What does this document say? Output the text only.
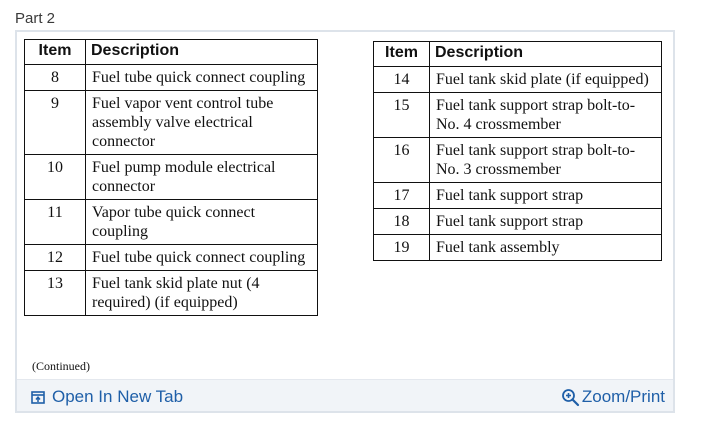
Part 2
Item	Description
8	Fuel tube quick connect coupling
9	Fuel vapor vent control tube assembly valve electrical connector
10	Fuel pump module electrical connector
11	Vapor tube quick connect coupling
12	Fuel tube quick connect coupling
13	Fuel tank skid plate nut (4 required) (if equipped)
(Continued)
Item	Description
14	Fuel tank skid plate (if equipped)
15	Fuel tank support strap bolt-to-No. 4 crossmember
16	Fuel tank support strap bolt-to-No. 3 crossmember
17	Fuel tank support strap
18	Fuel tank support strap
19	Fuel tank assembly
Open In New Tab	Zoom/Print
